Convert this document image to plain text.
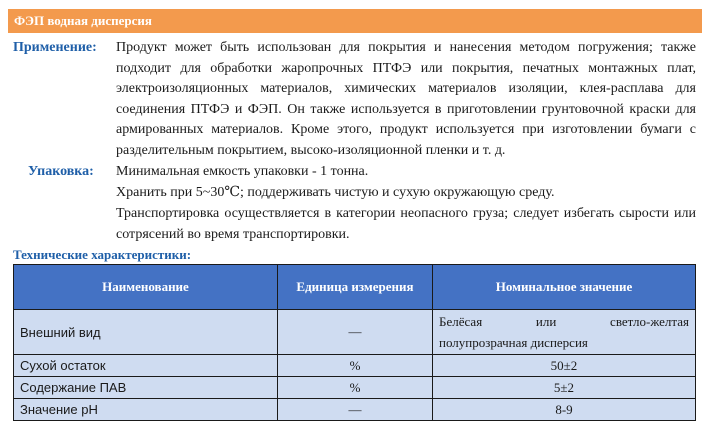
ФЭП водная дисперсия
Применение: Продукт может быть использован для покрытия и нанесения методом погружения; также
подходит для обработки жаропрочных ПТФЭ или покрытия, печатных монтажных плат,
электроизоляционных материалов, химических материалов изоляции, клея-расплава для
соединения ПТФЭ и ФЭП. Он также используется в приготовлении грунтовочной краски для
армированных материалов. Кроме этого, продукт используется при изготовлении бумаги с
разделительным покрытием, высоко-изоляционной пленки и т. д.
Упаковка: Минимальная емкость упаковки - 1 тонна.
Хранить при 5~30℃; поддерживать чистую и сухую окружающую среду.
Транспортировка осуществляется в категории неопасного груза; следует избегать сырости или
сотрясений во время транспортировки.
Технические характеристики:
Наименование	Единица измерения	Номинальное значение
Внешний вид	—	Белёсая или светло-желтая
полупрозрачная дисперсия

Сухой остаток	%	50±2
Содержание ПАВ	%	5±2
Значение pH	—	8-9
